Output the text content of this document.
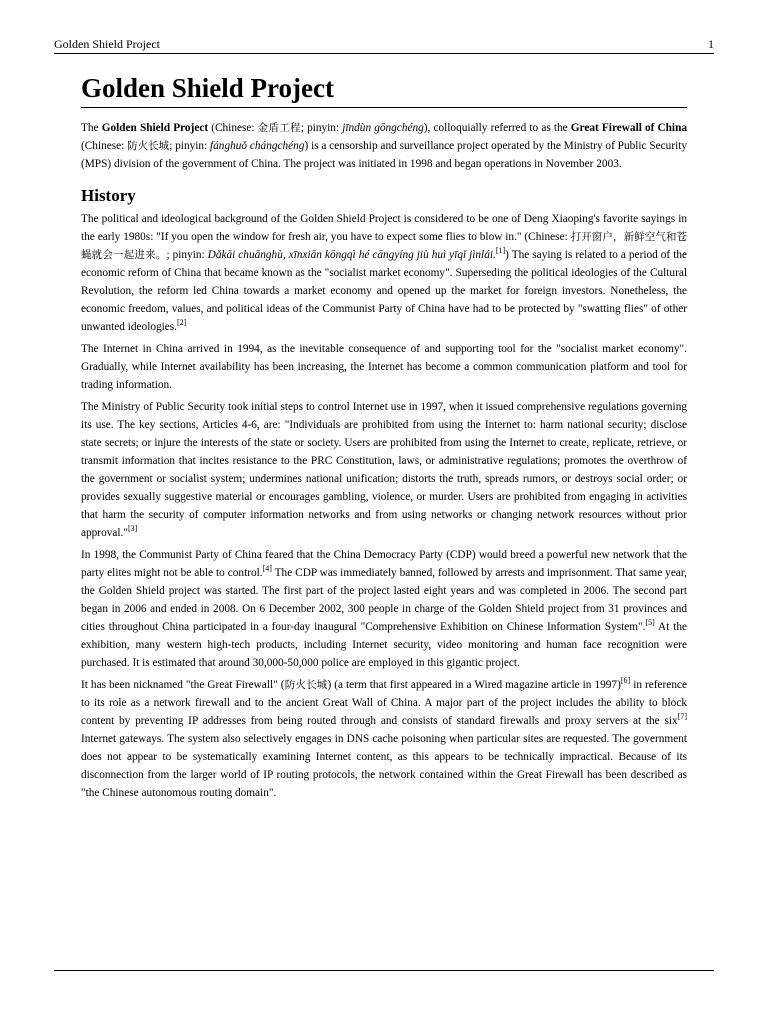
Golden Shield Project	1
Golden Shield Project

The Golden Shield Project (Chinese: 金盾工程; pinyin: jīndùn gōngchéng), colloquially referred to as the Great Firewall of China (Chinese: 防火长城; pinyin: fánghuǒ chángchéng) is a censorship and surveillance project operated by the Ministry of Public Security (MPS) division of the government of China. The project was initiated in 1998 and began operations in November 2003.

History

The political and ideological background of the Golden Shield Project is considered to be one of Deng Xiaoping's favorite sayings in the early 1980s: "If you open the window for fresh air, you have to expect some flies to blow in." (Chinese: 打开窗户，新鲜空气和苍蝇就会一起进来。; pinyin: Dǎkāi chuānghù, xīnxiān kōngqì hé cāngyíng jiù huì yīqǐ jìnlái.[1]) The saying is related to a period of the economic reform of China that became known as the "socialist market economy". Superseding the political ideologies of the Cultural Revolution, the reform led China towards a market economy and opened up the market for foreign investors. Nonetheless, the economic freedom, values, and political ideas of the Communist Party of China have had to be protected by "swatting flies" of other unwanted ideologies.[2]

The Internet in China arrived in 1994, as the inevitable consequence of and supporting tool for the "socialist market economy". Gradually, while Internet availability has been increasing, the Internet has become a common communication platform and tool for trading information.

The Ministry of Public Security took initial steps to control Internet use in 1997, when it issued comprehensive regulations governing its use. The key sections, Articles 4-6, are: "Individuals are prohibited from using the Internet to: harm national security; disclose state secrets; or injure the interests of the state or society. Users are prohibited from using the Internet to create, replicate, retrieve, or transmit information that incites resistance to the PRC Constitution, laws, or administrative regulations; promotes the overthrow of the government or socialist system; undermines national unification; distorts the truth, spreads rumors, or destroys social order; or provides sexually suggestive material or encourages gambling, violence, or murder. Users are prohibited from engaging in activities that harm the security of computer information networks and from using networks or changing network resources without prior approval."[3]

In 1998, the Communist Party of China feared that the China Democracy Party (CDP) would breed a powerful new network that the party elites might not be able to control.[4] The CDP was immediately banned, followed by arrests and imprisonment. That same year, the Golden Shield project was started. The first part of the project lasted eight years and was completed in 2006. The second part began in 2006 and ended in 2008. On 6 December 2002, 300 people in charge of the Golden Shield project from 31 provinces and cities throughout China participated in a four-day inaugural "Comprehensive Exhibition on Chinese Information System".[5] At the exhibition, many western high-tech products, including Internet security, video monitoring and human face recognition were purchased. It is estimated that around 30,000-50,000 police are employed in this gigantic project.

It has been nicknamed "the Great Firewall" (防火长城) (a term that first appeared in a Wired magazine article in 1997)[6] in reference to its role as a network firewall and to the ancient Great Wall of China. A major part of the project includes the ability to block content by preventing IP addresses from being routed through and consists of standard firewalls and proxy servers at the six[7] Internet gateways. The system also selectively engages in DNS cache poisoning when particular sites are requested. The government does not appear to be systematically examining Internet content, as this appears to be technically impractical. Because of its disconnection from the larger world of IP routing protocols, the network contained within the Great Firewall has been described as "the Chinese autonomous routing domain".
